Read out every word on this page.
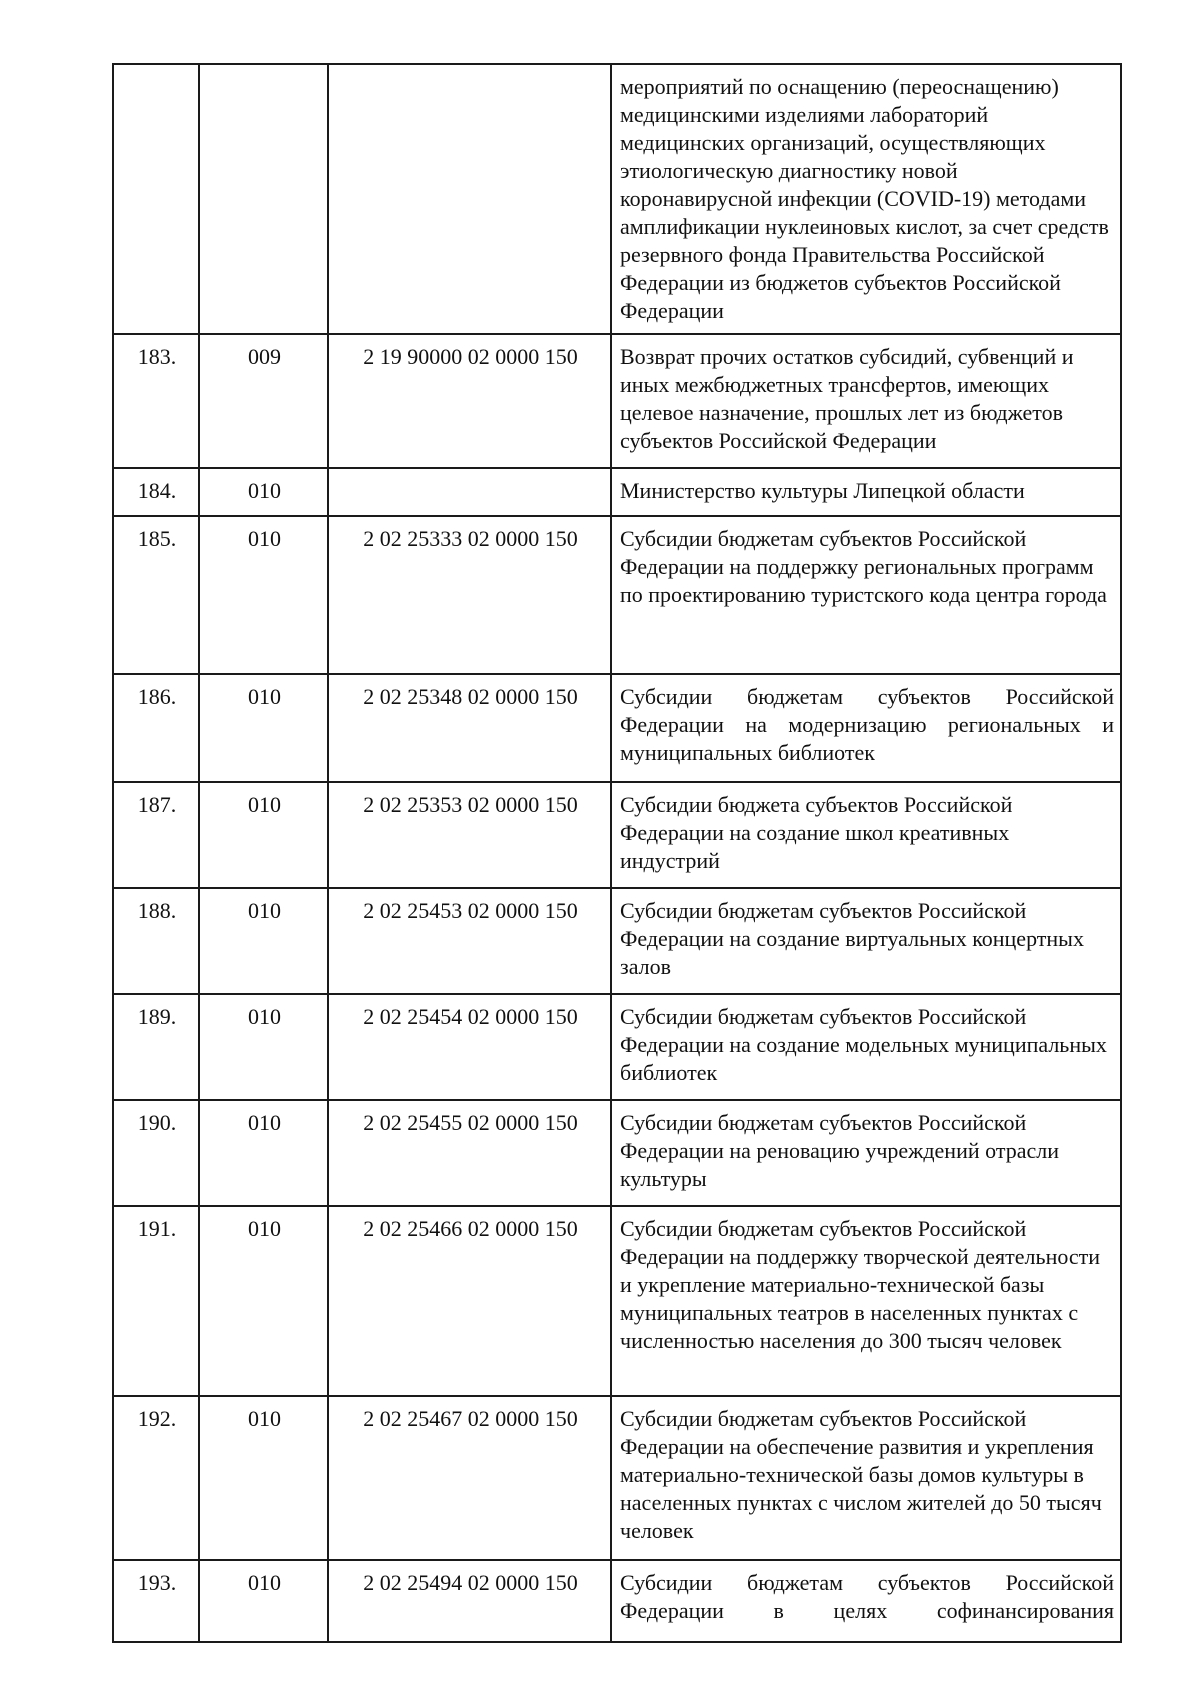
			мероприятий по оснащению (переоснащению) медицинскими изделиями лабораторий медицинских организаций, осуществляющих этиологическую диагностику новой коронавирусной инфекции (COVID-19) методами амплификации нуклеиновых кислот, за счет средств резервного фонда Правительства Российской Федерации из бюджетов субъектов Российской Федерации
183.	009	2 19 90000 02 0000 150	Возврат прочих остатков субсидий, субвенций и иных межбюджетных трансфертов, имеющих целевое назначение, прошлых лет из бюджетов субъектов Российской Федерации
184.	010		Министерство культуры Липецкой области
185.	010	2 02 25333 02 0000 150	Субсидии бюджетам субъектов Российской Федерации на поддержку региональных программ по проектированию туристского кода центра города
186.	010	2 02 25348 02 0000 150	Субсидии бюджетам субъектов Российской Федерации на модернизацию региональных и муниципальных библиотек
187.	010	2 02 25353 02 0000 150	Субсидии бюджета субъектов Российской Федерации на создание школ креативных индустрий
188.	010	2 02 25453 02 0000 150	Субсидии бюджетам субъектов Российской Федерации на создание виртуальных концертных залов
189.	010	2 02 25454 02 0000 150	Субсидии бюджетам субъектов Российской Федерации на создание модельных муниципальных библиотек
190.	010	2 02 25455 02 0000 150	Субсидии бюджетам субъектов Российской Федерации на реновацию учреждений отрасли культуры
191.	010	2 02 25466 02 0000 150	Субсидии бюджетам субъектов Российской Федерации на поддержку творческой деятельности и укрепление материально-технической базы муниципальных театров в населенных пунктах с численностью населения до 300 тысяч человек
192.	010	2 02 25467 02 0000 150	Субсидии бюджетам субъектов Российской Федерации на обеспечение развития и укрепления материально-технической базы домов культуры в населенных пунктах с числом жителей до 50 тысяч человек
193.	010	2 02 25494 02 0000 150	Субсидии бюджетам субъектов Российской Федерации в целях софинансирования
